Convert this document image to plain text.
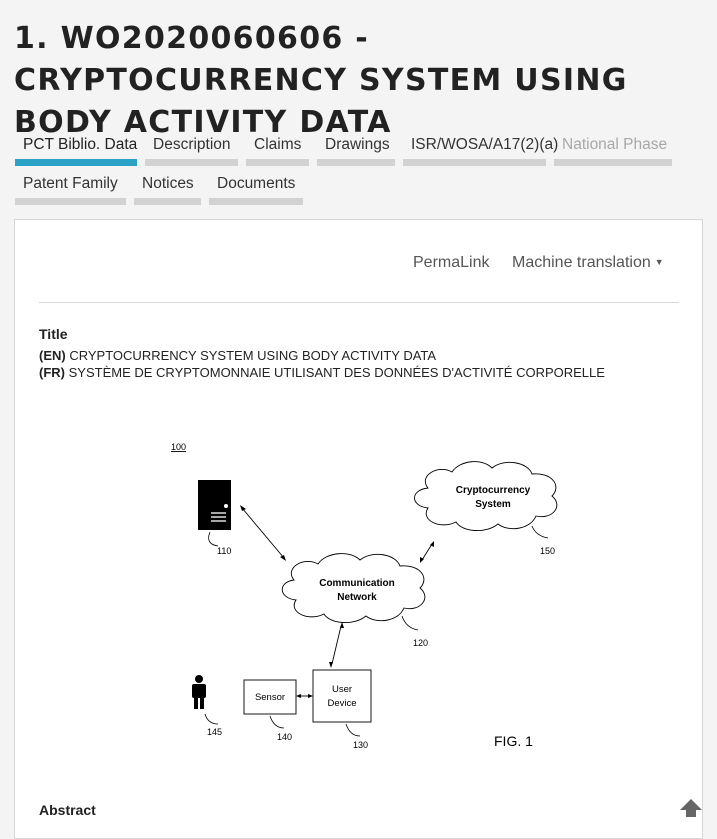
1. WO2020060606 - CRYPTOCURRENCY SYSTEM USING BODY ACTIVITY DATA
PCT Biblio. Data	Description	Claims	Drawings	ISR/WOSA/A17(2)(a) National Phase
Patent Family	Notices	Documents
PermaLink Machine translation ▼
Title
(EN) CRYPTOCURRENCY SYSTEM USING BODY ACTIVITY DATA
(FR) SYSTÈME DE CRYPTOMONNAIE UTILISANT DES DONNÉES D'ACTIVITÉ CORPORELLE
100
110
Cryptocurrency
System
150
Communication
Network
120
145
Sensor
140
User
Device
130	FIG. 1
Abstract
